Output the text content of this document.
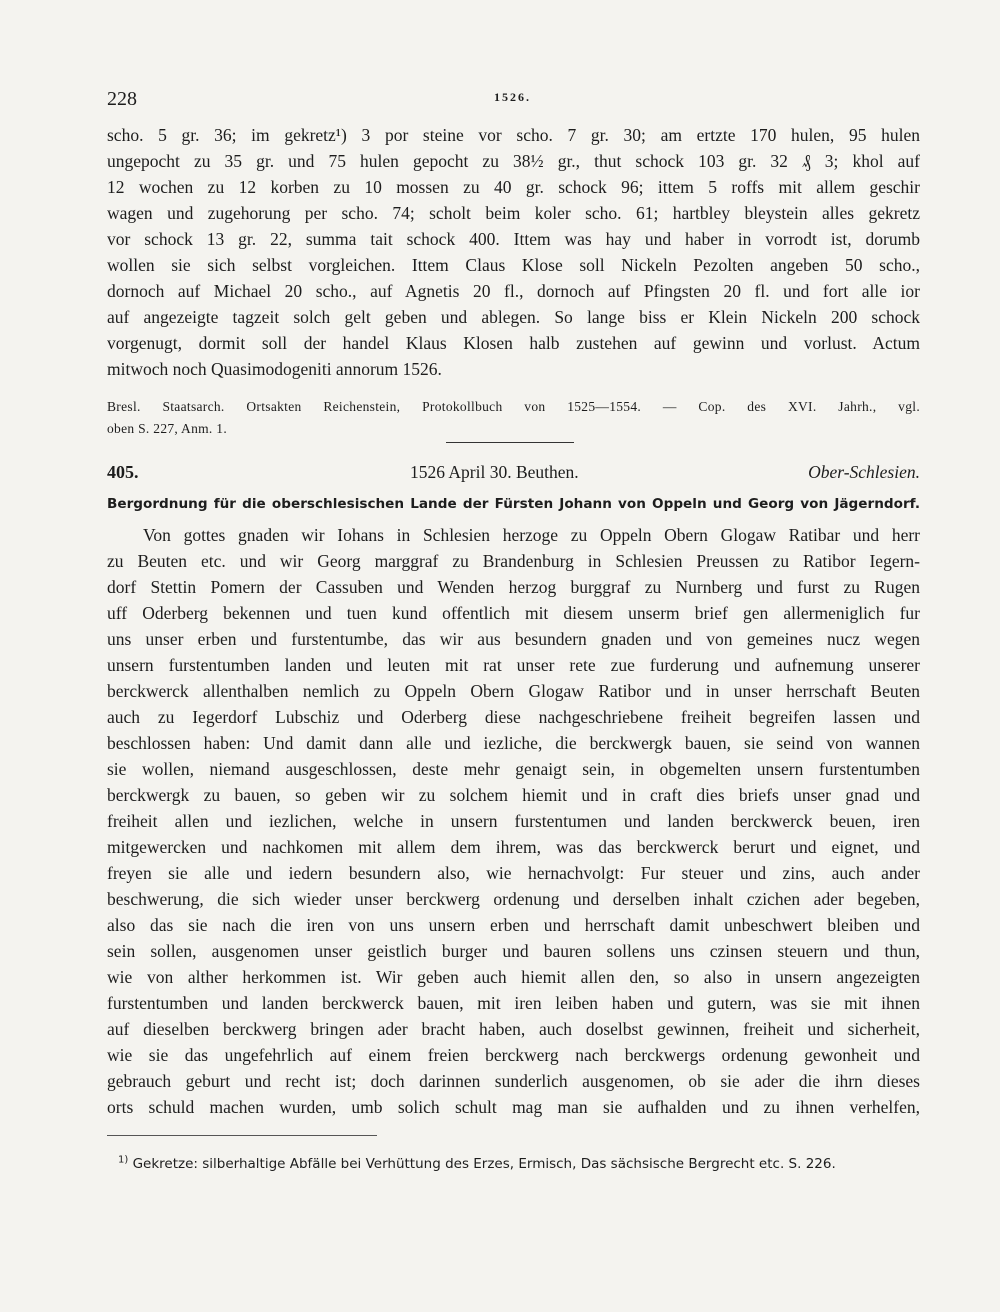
228	1526.
scho. 5 gr. 36; im gekretz¹) 3 por steine vor scho. 7 gr. 30; am ertzte 170 hulen, 95 hulen
ungepocht zu 35 gr. und 75 hulen gepocht zu 38½ gr., thut schock 103 gr. 32 ₰ 3; khol auf
12 wochen zu 12 korben zu 10 mossen zu 40 gr. schock 96; ittem 5 roffs mit allem geschir
wagen und zugehorung per scho. 74; scholt beim koler scho. 61; hartbley bleystein alles gekretz
vor schock 13 gr. 22, summa tait schock 400. Ittem was hay und haber in vorrodt ist, dorumb
wollen sie sich selbst vorgleichen. Ittem Claus Klose soll Nickeln Pezolten angeben 50 scho.,
dornoch auf Michael 20 scho., auf Agnetis 20 fl., dornoch auf Pfingsten 20 fl. und fort alle ior
auf angezeigte tagzeit solch gelt geben und ablegen. So lange biss er Klein Nickeln 200 schock
vorgenugt, dormit soll der handel Klaus Klosen halb zustehen auf gewinn und vorlust. Actum
mitwoch noch Quasimodogeniti annorum 1526.
Bresl. Staatsarch. Ortsakten Reichenstein, Protokollbuch von 1525—1554. — Cop. des XVI. Jahrh., vgl.
oben S. 227, Anm. 1.
405.	1526 April 30. Beuthen.	Ober-Schlesien.
Bergordnung für die oberschlesischen Lande der Fürsten Johann von Oppeln und Georg von Jägerndorf.
Von gottes gnaden wir Iohans in Schlesien herzoge zu Oppeln Obern Glogaw Ratibar und herr
zu Beuten etc. und wir Georg marggraf zu Brandenburg in Schlesien Preussen zu Ratibor Iegern-
dorf Stettin Pomern der Cassuben und Wenden herzog burggraf zu Nurnberg und furst zu Rugen
uff Oderberg bekennen und tuen kund offentlich mit diesem unserm brief gen allermeniglich fur
uns unser erben und furstentumbe, das wir aus besundern gnaden und von gemeines nucz wegen
unsern furstentumben landen und leuten mit rat unser rete zue furderung und aufnemung unserer
berckwerck allenthalben nemlich zu Oppeln Obern Glogaw Ratibor und in unser herrschaft Beuten
auch zu Iegerdorf Lubschiz und Oderberg diese nachgeschriebene freiheit begreifen lassen und
beschlossen haben: Und damit dann alle und iezliche, die berckwergk bauen, sie seind von wannen
sie wollen, niemand ausgeschlossen, deste mehr genaigt sein, in obgemelten unsern furstentumben
berckwergk zu bauen, so geben wir zu solchem hiemit und in craft dies briefs unser gnad und
freiheit allen und iezlichen, welche in unsern furstentumen und landen berckwerck beuen, iren
mitgewercken und nachkomen mit allem dem ihrem, was das berckwerck berurt und eignet, und
freyen sie alle und iedern besundern also, wie hernachvolgt: Fur steuer und zins, auch ander
beschwerung, die sich wieder unser berckwerg ordenung und derselben inhalt czichen ader begeben,
also das sie nach die iren von uns unsern erben und herrschaft damit unbeschwert bleiben und
sein sollen, ausgenomen unser geistlich burger und bauren sollens uns czinsen steuern und thun,
wie von alther herkommen ist. Wir geben auch hiemit allen den, so also in unsern angezeigten
furstentumben und landen berckwerck bauen, mit iren leiben haben und gutern, was sie mit ihnen
auf dieselben berckwerg bringen ader bracht haben, auch doselbst gewinnen, freiheit und sicherheit,
wie sie das ungefehrlich auf einem freien berckwerg nach berckwergs ordenung gewonheit und
gebrauch geburt und recht ist; doch darinnen sunderlich ausgenomen, ob sie ader die ihrn dieses
orts schuld machen wurden, umb solich schult mag man sie aufhalden und zu ihnen verhelfen,
$^{1)}$ Gekretze: silberhaltige Abfälle bei Verhüttung des Erzes, Ermisch, Das sächsische Bergrecht etc. S. 226.
